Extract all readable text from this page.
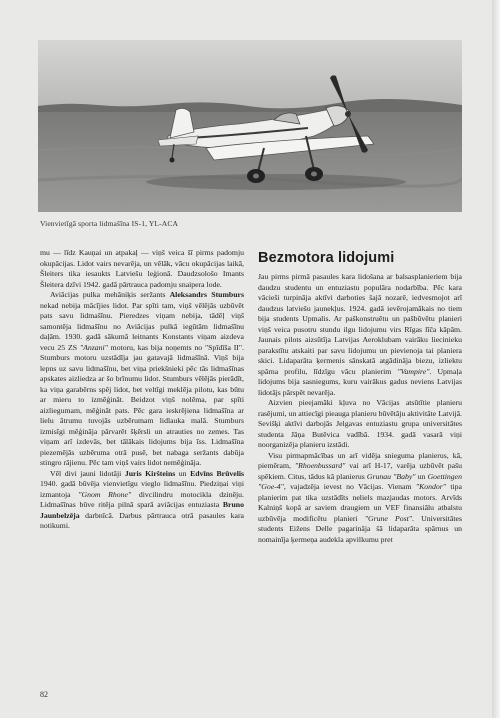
Vienvietīgā sporta lidmašīna IS-1, YL-ACA

mu — līdz Kauņai un atpakaļ — viņš veica šī pirms padomju okupācijas. Lidot vairs nevarēja, un vēlāk, vācu okupācijas laikā, Šleiters tika iesaukts Latviešu leģionā. Daudzsološo Imants Šleitera dzīvi 1942. gadā pārtrauca padomju snaipera lode.

Aviācijas pulka mehāniķis seržants Aleksandrs Stumburs nekad nebija mācījies lidot. Par spīti tam, viņš vēlējās uzbūvēt pats savu lidmašīnu. Pieredzes viņam nebija, tādēļ viņš samontēja lidmašīnu no Aviācijas pulkā iegūtām lidmašīnu daļām. 1930. gadā sākumā leitnants Konstants viņam aizdeva vecu 25 ZS "Anzani" motoru, kas bija noņemts no "Spīdīša II". Stumburs motoru uzstādīja jau gatavajā lidmašīnā. Viņš bija lepns uz savu lidmašīnu, bet viņa priekšnieki pēc tās lidmašīnas apskates aizliedza ar šo brīnumu lidot. Stumburs vēlējās pierādīt, ka viņa garabērns spēj lidot, bet veltīgi meklēja pilotu, kas būtu ar mieru to izmēģināt. Beidzot viņš nolēma, par spīti aizliegumam, mēģināt pats. Pēc gara ieskrējiena lidmašīna ar lielu ātrumu tuvojās uzbērumam lidlauka malā. Stumburs izmisīgi mēģināja pārvarēt šķērsli un atrauties no zemes. Tas viņam arī izdevās, bet tālākais lidojums bija īss. Lidmašīna piezemējās uzbēruma otrā pusē, bet nabaga seržants dabūja stingro rājienu. Pēc tam viņš vairs lidot nemēģināja.

Vēl divi jauni lidotāji Juris Kiršteins un Edvīns Brūvelis 1940. gadā būvēja vienvietīgu vieglo lidmašīnu. Piedziņai viņi izmantoja "Gnom Rhone" divcilindru motocikla dzinēju. Lidmašīnas būve ritēja pilnā sparā aviācijas entuziasta Bruno Jaunbelzēja darbnīcā. Darbus pārtrauca otrā pasaules kara notikumi.

Bezmotora lidojumi

Jau pirms pirmā pasaules kara lidošana ar balsasplanieriem bija daudzu studentu un entuziastu populāra nodarbība. Pēc kara vācieši turpināja aktīvi darboties šajā nozarē, iedvesmojot arī daudzus latviešu jaunekļus. 1924. gadā ievērojamākais no tiem bija students Upmalis. Ar paškonstruētu un pašbūvētu planieri viņš veica pusotru stundu ilgu lidojumu virs Rīgas līča kāpām. Jaunais pilots aizsūtīja Latvijas Aeroklubam vairāku liecinieku parakstītu atskaiti par savu lidojumu un pievienoja tai planiera skici. Lidaparāta ķermenis sānskatā atgādināja biezu, izliektu spārna profilu, līdzīgu vācu planierim "Vampire". Upmaļa lidojums bija sasniegums, kuru vairākus gadus neviens Latvijas lidotājs pārspēt nevarēja.

Aizvien pieejamāki kļuva no Vācijas atsūtītie planieru rasējumi, un attiecīgi pieauga planieru būvētāju aktivitāte Latvijā. Sevišķi aktīvi darbojās Jelgavas entuziastu grupa universitātes studenta Jāņa Butēvica vadībā. 1934. gadā vasarā viņi noorganizēja planieru izstādi.

Visu pirmapmācības un arī vidēja snieguma planierus, kā, piemēram, "Rhoenbussard" vai arī H-17, varēja uzbūvēt pašu spēkiem. Citus, tādus kā planierus Grunau "Baby" un Goettingen "Goe-4", vajadzēja ievest no Vācijas. Vienam "Kondor" tipa planierim pat tika uzstādīts neliels mazjaudas motors. Arvīds Kalniņš kopā ar saviem draugiem un VEF finansiālu atbalstu uzbūvēja modificētu planieri "Grune Post". Universitātes students Eižens Delle pagarināja šā lidaparāta spārnus un nomainīja ķermeņa audekla apvilkumu pret

82
